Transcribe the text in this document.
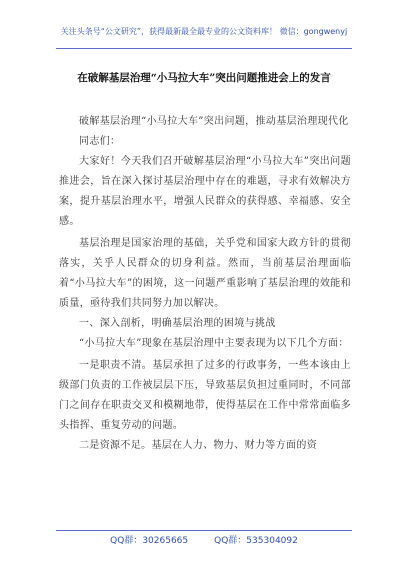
关注头条号“公文研究”，获得最新最全最专业的公文资料库！ 微信：gongwenyj
在破解基层治理“小马拉大车”突出问题推进会上的发言

破解基层治理“小马拉大车”突出问题，推动基层治理现代化

同志们：

大家好！今天我们召开破解基层治理“小马拉大车”突出问题推进会，旨在深入探讨基层治理中存在的难题，寻求有效解决方案，提升基层治理水平，增强人民群众的获得感、幸福感、安全感。

基层治理是国家治理的基础，关乎党和国家大政方针的贯彻落实，关乎人民群众的切身利益。然而，当前基层治理面临着“小马拉大车”的困境，这一问题严重影响了基层治理的效能和质量，亟待我们共同努力加以解决。

一、深入剖析，明确基层治理的困境与挑战

“小马拉大车”现象在基层治理中主要表现为以下几个方面：

一是职责不清。基层承担了过多的行政事务，一些本该由上级部门负责的工作被层层下压，导致基层负担过重同时，不同部门之间存在职责交叉和模糊地带，使得基层在工作中常常面临多头指挥、重复劳动的问题。

二是资源不足。基层在人力、物力、财力等方面的资

QQ群：30265665	QQ群：535304092
